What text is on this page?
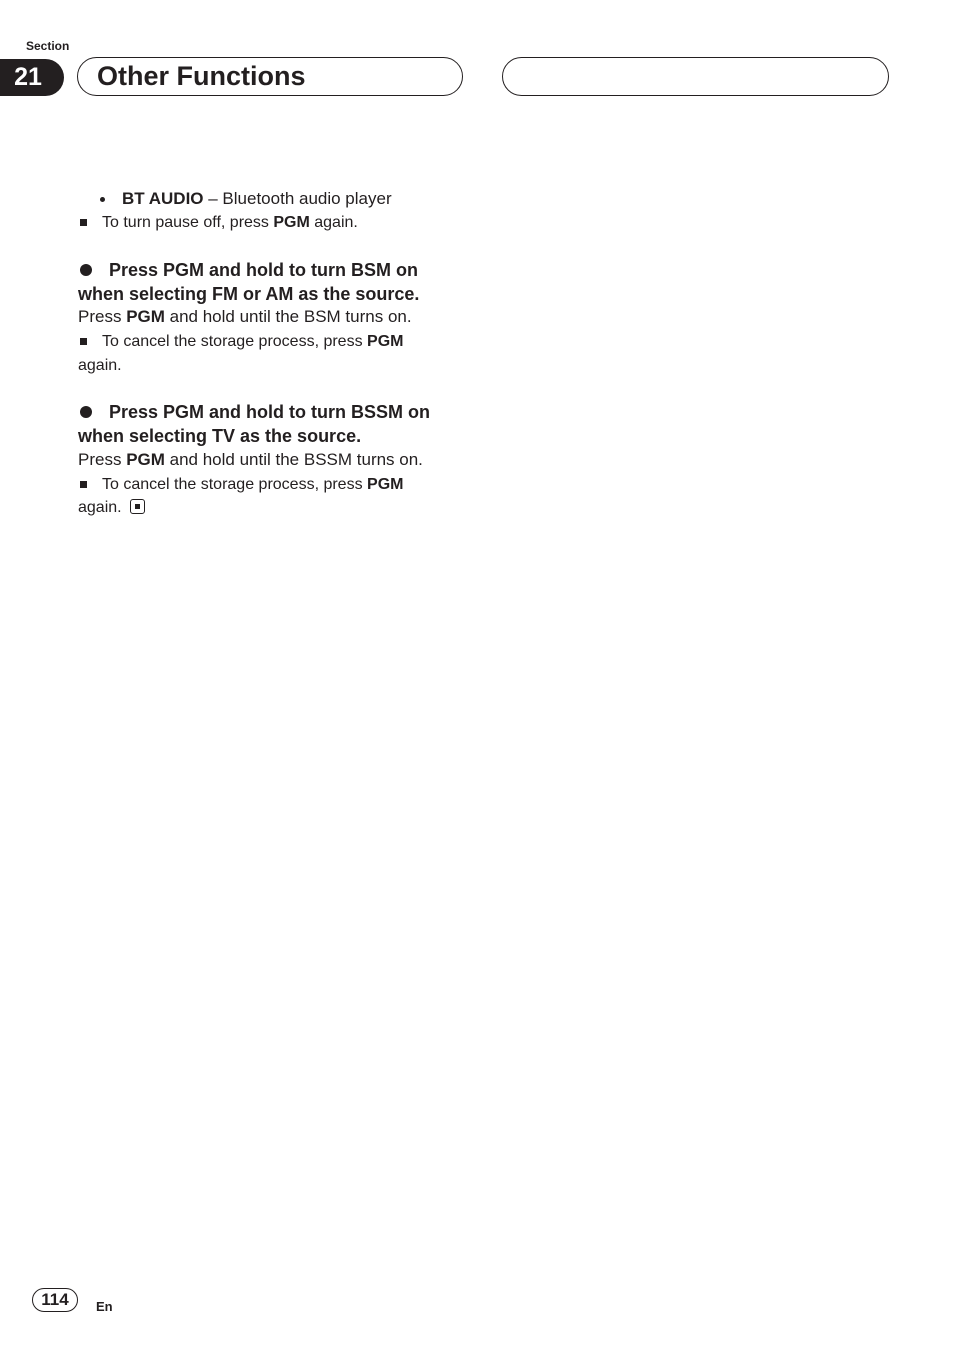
Section
21	Other Functions
BT AUDIO – Bluetooth audio player
To turn pause off, press PGM again.
Press PGM and hold to turn BSM on
when selecting FM or AM as the source.
Press PGM and hold until the BSM turns on.
To cancel the storage process, press PGM
again.
Press PGM and hold to turn BSSM on
when selecting TV as the source.
Press PGM and hold until the BSSM turns on.
To cancel the storage process, press PGM
again.
114	En
